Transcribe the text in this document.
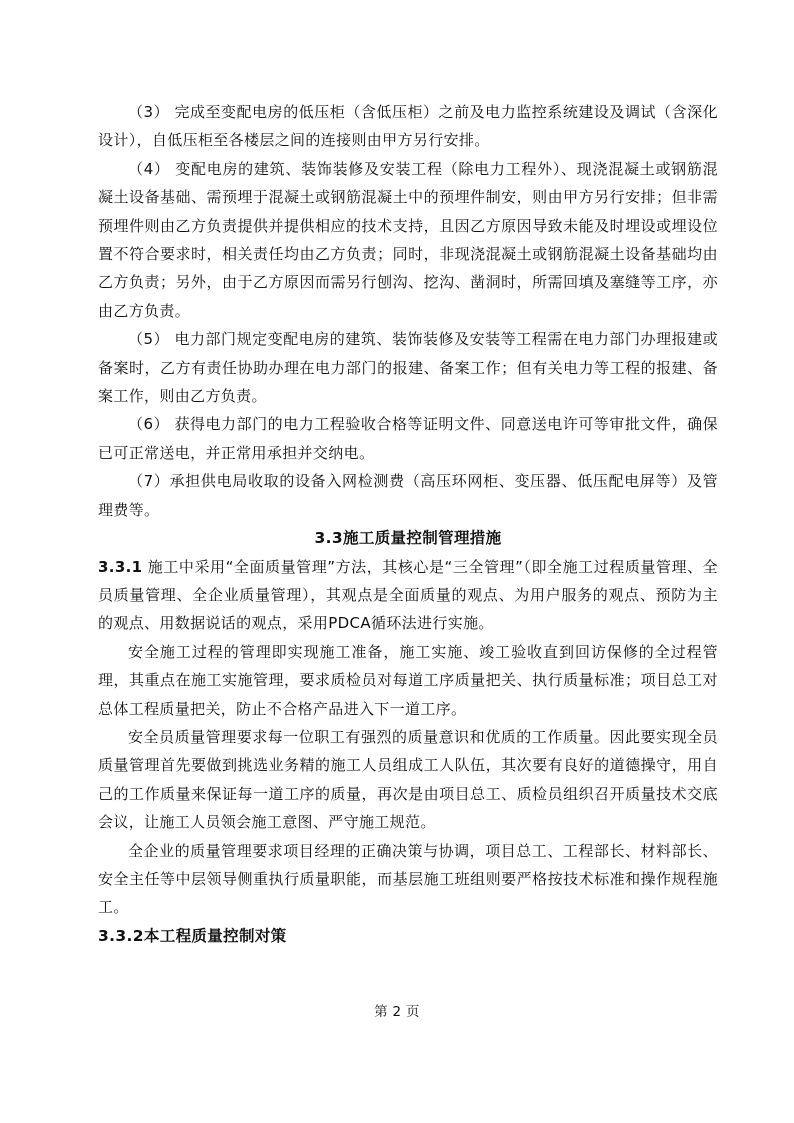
（3） 完成至变配电房的低压柜（含低压柜）之前及电力监控系统建设及调试（含深化设计），自低压柜至各楼层之间的连接则由甲方另行安排。

（4） 变配电房的建筑、装饰装修及安装工程（除电力工程外）、现浇混凝土或钢筋混凝土设备基础、需预埋于混凝土或钢筋混凝土中的预埋件制安，则由甲方另行安排；但非需预埋件则由乙方负责提供并提供相应的技术支持，且因乙方原因导致未能及时埋设或埋设位置不符合要求时，相关责任均由乙方负责；同时，非现浇混凝土或钢筋混凝土设备基础均由乙方负责；另外，由于乙方原因而需另行刨沟、挖沟、凿洞时，所需回填及塞缝等工序，亦由乙方负责。

（5） 电力部门规定变配电房的建筑、装饰装修及安装等工程需在电力部门办理报建或备案时，乙方有责任协助办理在电力部门的报建、备案工作；但有关电力等工程的报建、备案工作，则由乙方负责。

（6） 获得电力部门的电力工程验收合格等证明文件、同意送电许可等审批文件，确保已可正常送电，并正常用承担并交纳电。

（7）承担供电局收取的设备入网检测费（高压环网柜、变压器、低压配电屏等）及管理费等。

3.3施工质量控制管理措施

3.3.1 施工中采用“全面质量管理”方法，其核心是“三全管理”（即全施工过程质量管理、全员质量管理、全企业质量管理），其观点是全面质量的观点、为用户服务的观点、预防为主的观点、用数据说话的观点，采用PDCA循环法进行实施。

安全施工过程的管理即实现施工准备，施工实施、竣工验收直到回访保修的全过程管理，其重点在施工实施管理，要求质检员对每道工序质量把关、执行质量标准；项目总工对总体工程质量把关，防止不合格产品进入下一道工序。

安全员质量管理要求每一位职工有强烈的质量意识和优质的工作质量。因此要实现全员质量管理首先要做到挑选业务精的施工人员组成工人队伍，其次要有良好的道德操守，用自己的工作质量来保证每一道工序的质量，再次是由项目总工、质检员组织召开质量技术交底会议，让施工人员领会施工意图、严守施工规范。

全企业的质量管理要求项目经理的正确决策与协调，项目总工、工程部长、材料部长、安全主任等中层领导侧重执行质量职能，而基层施工班组则要严格按技术标准和操作规程施工。

3.3.2本工程质量控制对策

第 2 页
